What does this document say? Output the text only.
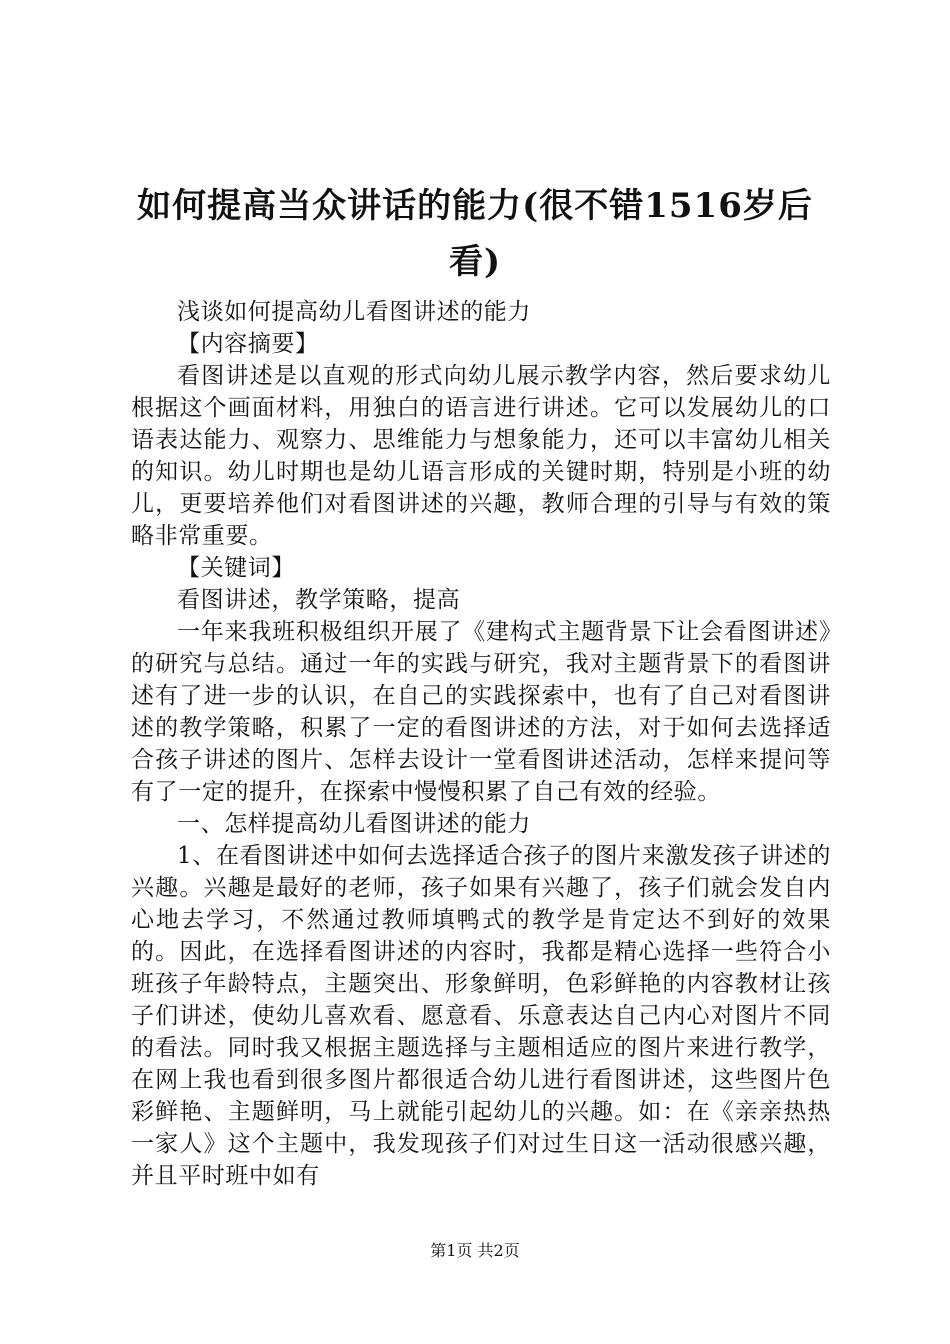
如何提高当众讲话的能力(很不错1516岁后
看)

浅谈如何提高幼儿看图讲述的能力

【内容摘要】

看图讲述是以直观的形式向幼儿展示教学内容，然后要求幼儿根据这个画面材料，用独白的语言进行讲述。它可以发展幼儿的口语表达能力、观察力、思维能力与想象能力，还可以丰富幼儿相关的知识。幼儿时期也是幼儿语言形成的关键时期，特别是小班的幼儿，更要培养他们对看图讲述的兴趣，教师合理的引导与有效的策略非常重要。

【关键词】

看图讲述，教学策略，提高

一年来我班积极组织开展了《建构式主题背景下让会看图讲述》的研究与总结。通过一年的实践与研究，我对主题背景下的看图讲述有了进一步的认识，在自己的实践探索中，也有了自己对看图讲述的教学策略，积累了一定的看图讲述的方法，对于如何去选择适合孩子讲述的图片、怎样去设计一堂看图讲述活动，怎样来提问等有了一定的提升，在探索中慢慢积累了自己有效的经验。

一、怎样提高幼儿看图讲述的能力

1、在看图讲述中如何去选择适合孩子的图片来激发孩子讲述的兴趣。兴趣是最好的老师，孩子如果有兴趣了，孩子们就会发自内心地去学习，不然通过教师填鸭式的教学是肯定达不到好的效果的。因此，在选择看图讲述的内容时，我都是精心选择一些符合小班孩子年龄特点，主题突出、形象鲜明，色彩鲜艳的内容教材让孩子们讲述，使幼儿喜欢看、愿意看、乐意表达自己内心对图片不同的看法。同时我又根据主题选择与主题相适应的图片来进行教学，在网上我也看到很多图片都很适合幼儿进行看图讲述，这些图片色彩鲜艳、主题鲜明，马上就能引起幼儿的兴趣。如：在《亲亲热热一家人》这个主题中，我发现孩子们对过生日这一活动很感兴趣，并且平时班中如有

第1页 共2页
